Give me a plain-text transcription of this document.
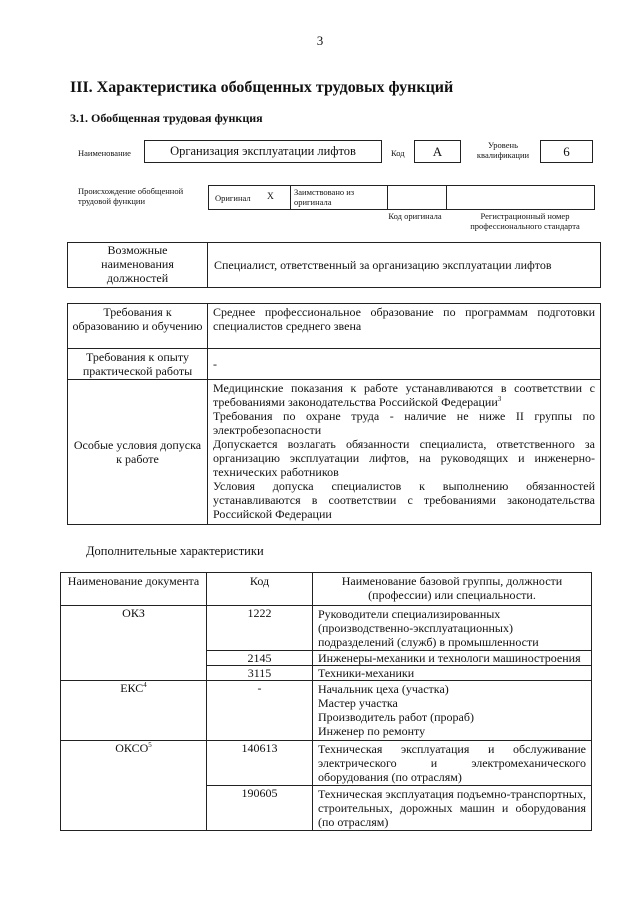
3
III. Характеристика обобщенных трудовых функций
3.1. Обобщенная трудовая функция
Наименование	Организация эксплуатации лифтов	Код	А	Уровень квалификации	6
Происхождение обобщенной трудовой функции	Оригинал Х Заимствовано из оригинала
Код оригинала	Регистрационный номер профессионального стандарта
Возможные наименования должностей	Специалист, ответственный за организацию эксплуатации лифтов
Требования к образованию и обучению	Среднее профессиональное образование по программам подготовки специалистов среднего звена

Требования к опыту практической работы	-

Особые условия допуска к работе	Медицинские показания к работе устанавливаются в соответствии с требованиями законодательства Российской Федерации$^3$
Требования по охране труда - наличие не ниже II группы по электробезопасности
Допускается возлагать обязанности специалиста, ответственного за организацию эксплуатации лифтов, на руководящих и инженерно-технических работников
Условия допуска специалистов к выполнению обязанностей устанавливаются в соответствии с требованиями законодательства Российской Федерации
Дополнительные характеристики
Наименование документа	Код	Наименование базовой группы, должности (профессии) или специальности.
ОКЗ	1222	Руководители специализированных (производственно-эксплуатационных) подразделений (служб) в промышленности
	2145	Инженеры-механики и технологи машиностроения
	3115	Техники-механики
ЕКС$^4$	-	Начальник цеха (участка)
Мастер участка
Производитель работ (прораб)
Инженер по ремонту

ОКСО$^5$	140613	Техническая эксплуатация и обслуживание электрического и электромеханического оборудования (по отраслям)
	190605	Техническая эксплуатация подъемно-транспортных, строительных, дорожных машин и оборудования (по отраслям)
